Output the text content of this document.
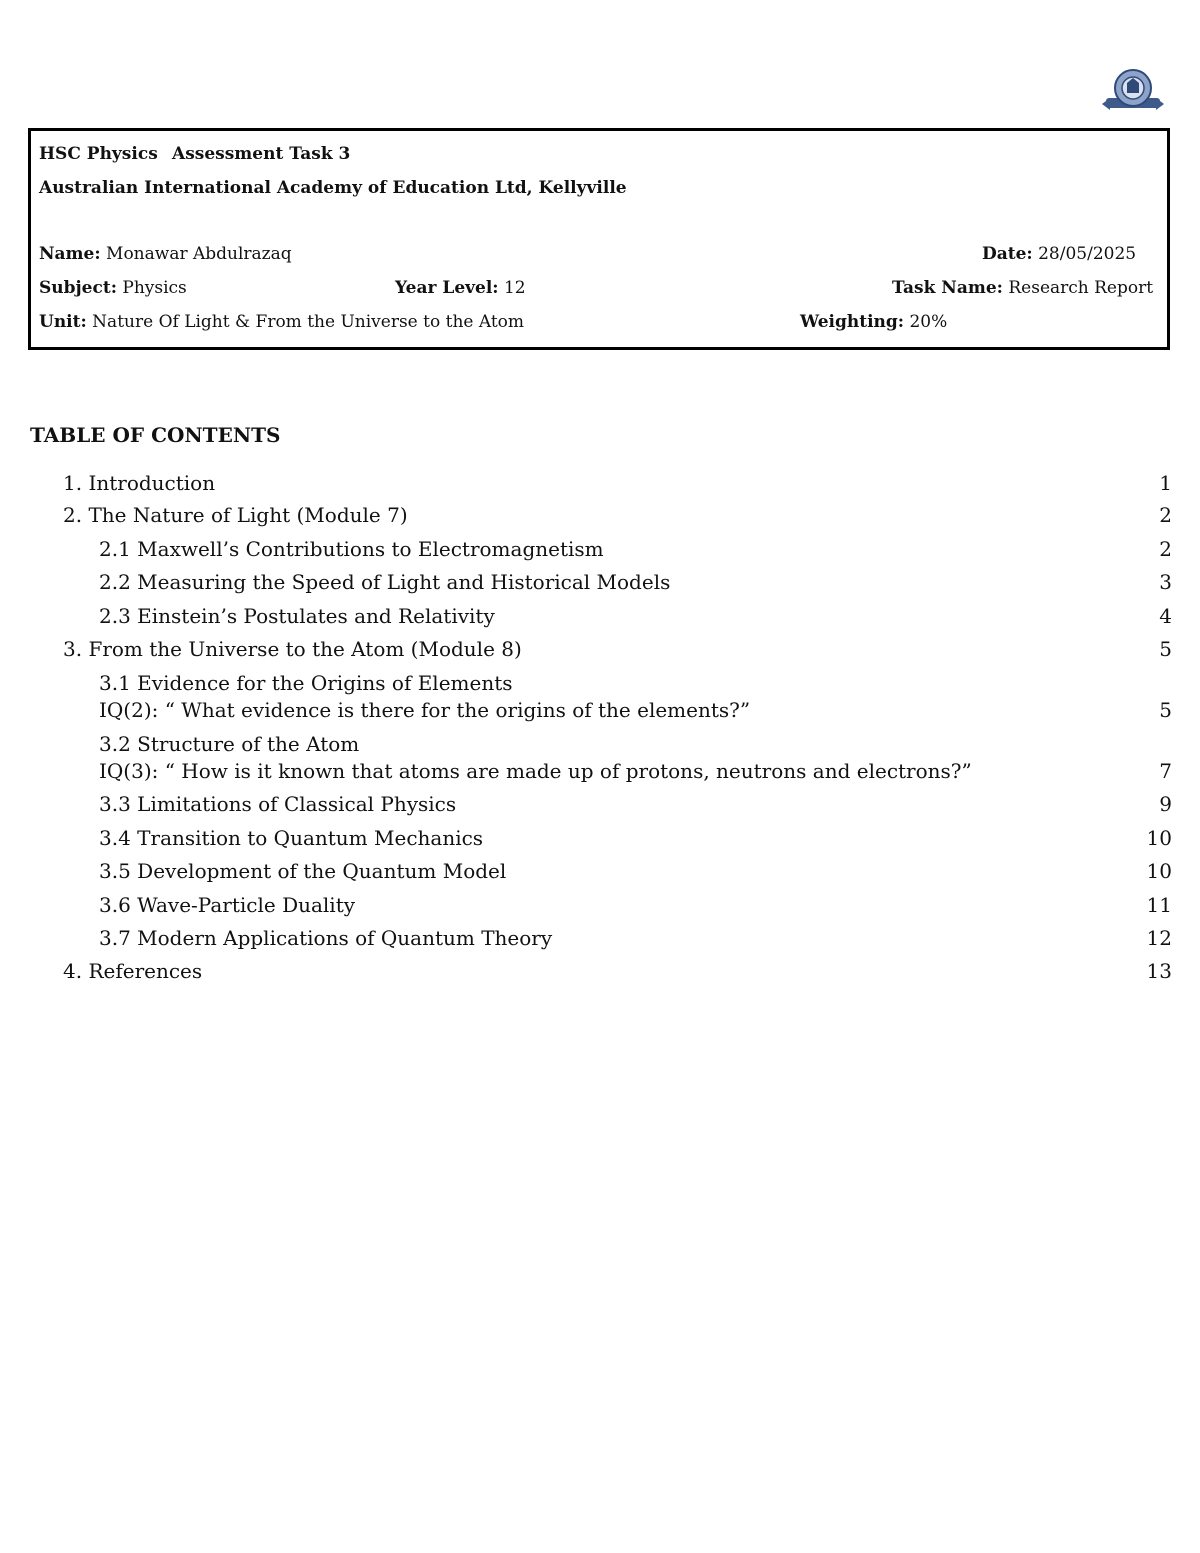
HSC Physics Assessment Task 3
Australian International Academy of Education Ltd, Kellyville
Name: Monawar Abdulrazaq	Date: 28/05/2025
Subject: Physics	Year Level: 12	Task Name: Research Report
Unit: Nature Of Light & From the Universe to the Atom	Weighting: 20%
TABLE OF CONTENTS
1. Introduction	1
2. The Nature of Light (Module 7)	2
2.1 Maxwell’s Contributions to Electromagnetism	2
2.2 Measuring the Speed of Light and Historical Models	3
2.3 Einstein’s Postulates and Relativity	4
3. From the Universe to the Atom (Module 8)	5
3.1 Evidence for the Origins of Elements
IQ(2): “ What evidence is there for the origins of the elements?”	5
3.2 Structure of the Atom
IQ(3): “ How is it known that atoms are made up of protons, neutrons and electrons?”	7
3.3 Limitations of Classical Physics	9
3.4 Transition to Quantum Mechanics	10
3.5 Development of the Quantum Model	10
3.6 Wave-Particle Duality	11
3.7 Modern Applications of Quantum Theory	12
4. References	13
